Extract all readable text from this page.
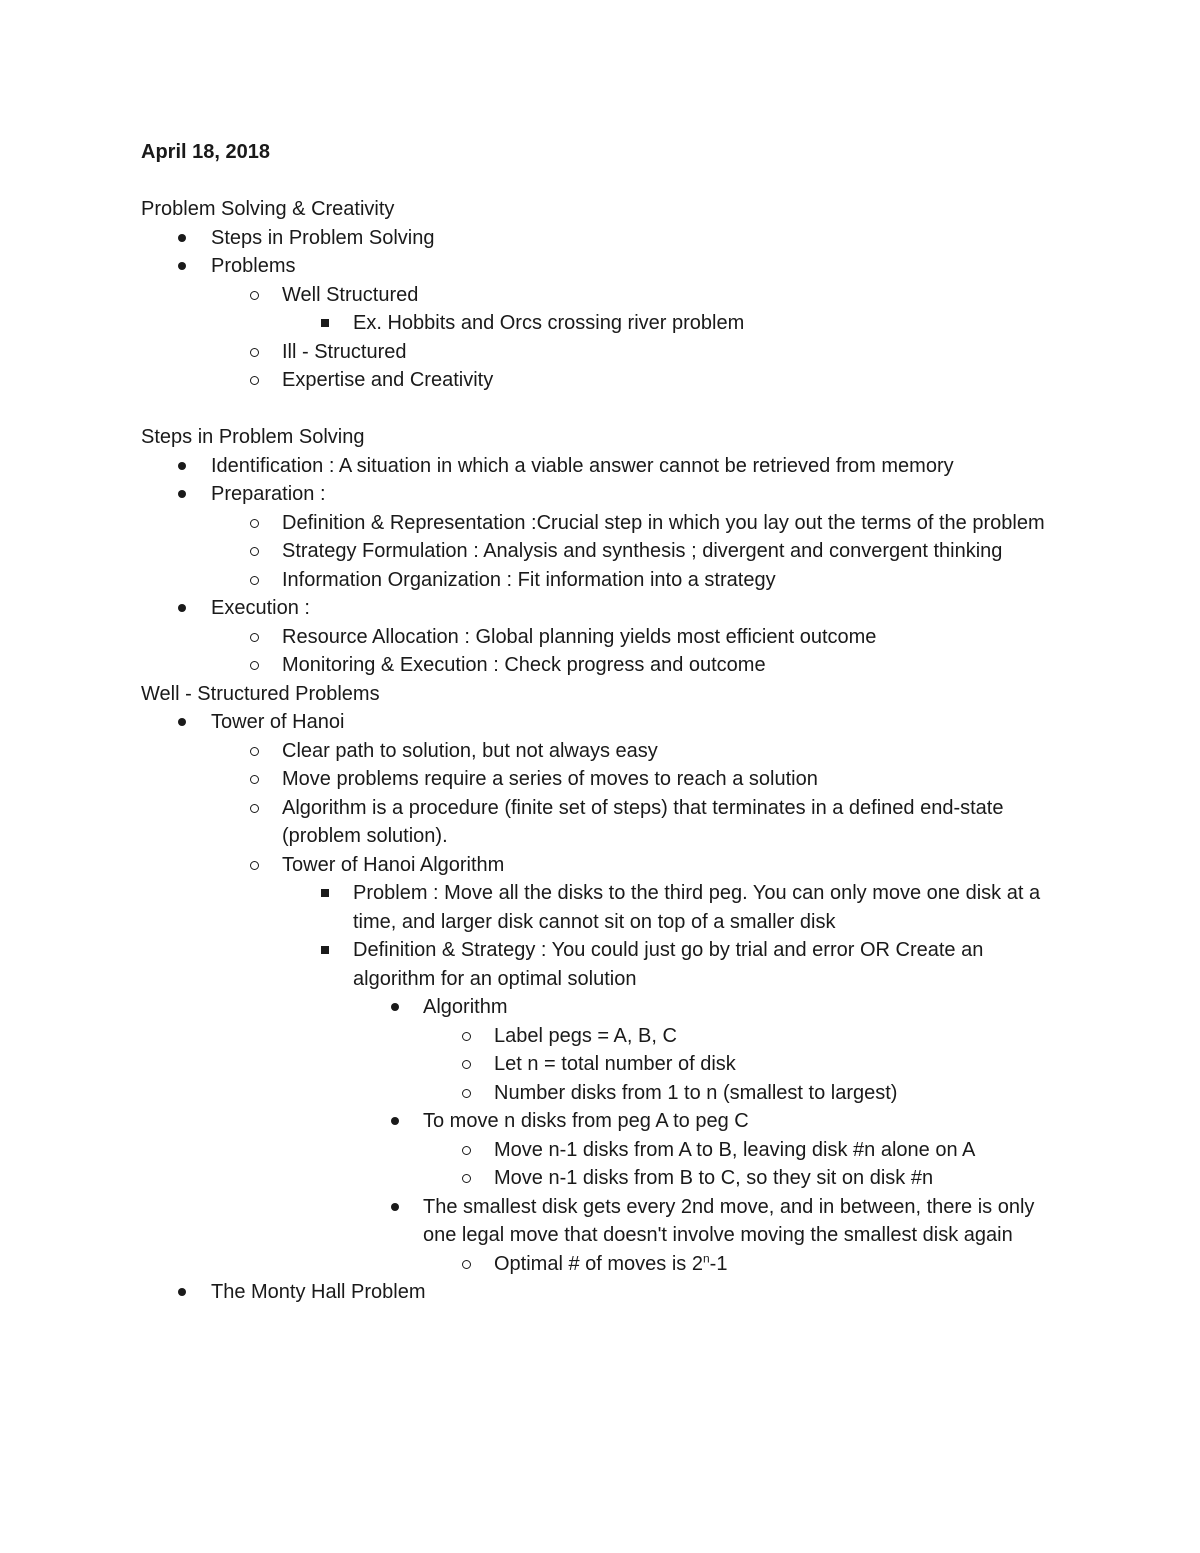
April 18, 2018

Problem Solving & Creativity

Steps in Problem Solving
Problems
Well Structured
Ex. Hobbits and Orcs crossing river problem
Ill - Structured
Expertise and Creativity

Steps in Problem Solving

Identification : A situation in which a viable answer cannot be retrieved from memory
Preparation :
Definition & Representation :Crucial step in which you lay out the terms of the problem
Strategy Formulation : Analysis and synthesis ; divergent and convergent thinking
Information Organization : Fit information into a strategy
Execution :
Resource Allocation : Global planning yields most efficient outcome
Monitoring & Execution : Check progress and outcome

Well - Structured Problems

Tower of Hanoi
Clear path to solution, but not always easy
Move problems require a series of moves to reach a solution
Algorithm is a procedure (finite set of steps) that terminates in a defined end-state (problem solution).
Tower of Hanoi Algorithm
Problem : Move all the disks to the third peg. You can only move one disk at a time, and larger disk cannot sit on top of a smaller disk
Definition & Strategy : You could just go by trial and error OR Create an algorithm for an optimal solution
Algorithm
Label pegs = A, B, C
Let n = total number of disk
Number disks from 1 to n (smallest to largest)
To move n disks from peg A to peg C
Move n-1 disks from A to B, leaving disk #n alone on A
Move n-1 disks from B to C, so they sit on disk #n
The smallest disk gets every 2nd move, and in between, there is only one legal move that doesn't involve moving the smallest disk again
Optimal # of moves is 2$^n$-1
The Monty Hall Problem
